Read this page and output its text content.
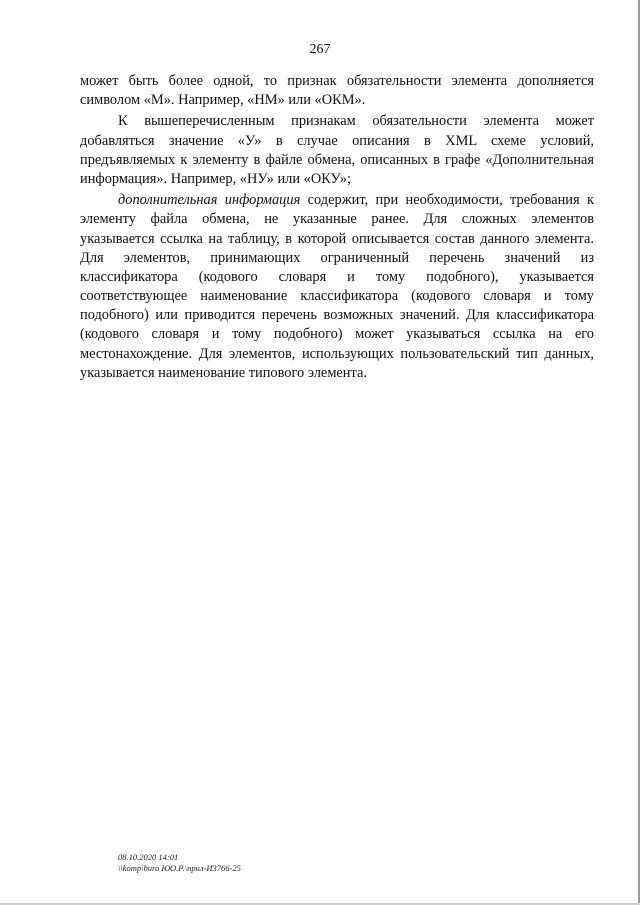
267
может быть более одной, то признак обязательности элемента дополняется
символом «М». Например, «НМ» или «ОКМ».
К вышеперечисленным признакам обязательности элемента может
добавляться значение «У» в случае описания в XML схеме условий,
предъявляемых к элементу в файле обмена, описанных в графе «Дополнительная
информация». Например, «НУ» или «ОКУ»;
дополнительная информация содержит, при необходимости, требования к
элементу файла обмена, не указанные ранее. Для сложных элементов
указывается ссылка на таблицу, в которой описывается состав данного элемента.
Для элементов, принимающих ограниченный перечень значений из
классификатора (кодового словаря и тому подобного), указывается
соответствующее наименование классификатора (кодового словаря и тому
подобного) или приводится перечень возможных значений. Для классификатора
(кодового словаря и тому подобного) может указываться ссылка на его
местонахождение. Для элементов, использующих пользовательский тип данных,
указывается наименование типового элемента.
08.10.2020 14:01
\\komp\buro ЮО.Р.\прил-И3766-25
